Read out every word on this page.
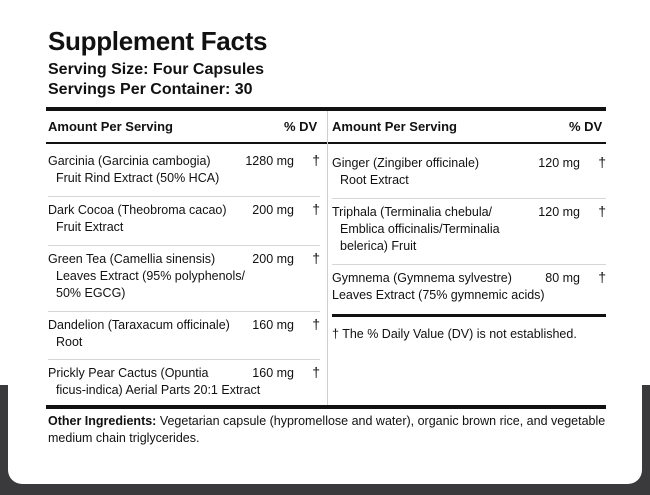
Supplement Facts

Serving Size: Four Capsules

Servings Per Container: 30

Amount Per Serving	% DV Amount Per Serving	% DV
Garcinia (Garcinia cambogia)
Fruit Rind Extract (50% HCA)
1280 mg †
Dark Cocoa (Theobroma cacao)
Fruit Extract
200 mg †
Green Tea (Camellia sinensis)
Leaves Extract (95% polyphenols/
50% EGCG)
200 mg †
Dandelion (Taraxacum officinale)
Root
160 mg †
Prickly Pear Cactus (Opuntia
ficus-indica) Aerial Parts 20:1 Extract
160 mg †
Ginger (Zingiber officinale)
Root Extract
120 mg †
Triphala (Terminalia chebula/
Emblica officinalis/Terminalia
belerica) Fruit
120 mg †
Gymnema (Gymnema sylvestre)
Leaves Extract (75% gymnemic acids)
80 mg †
† The % Daily Value (DV) is not established.
Other Ingredients: Vegetarian capsule (hypromellose and water), organic brown rice, and vegetable medium chain triglycerides.
